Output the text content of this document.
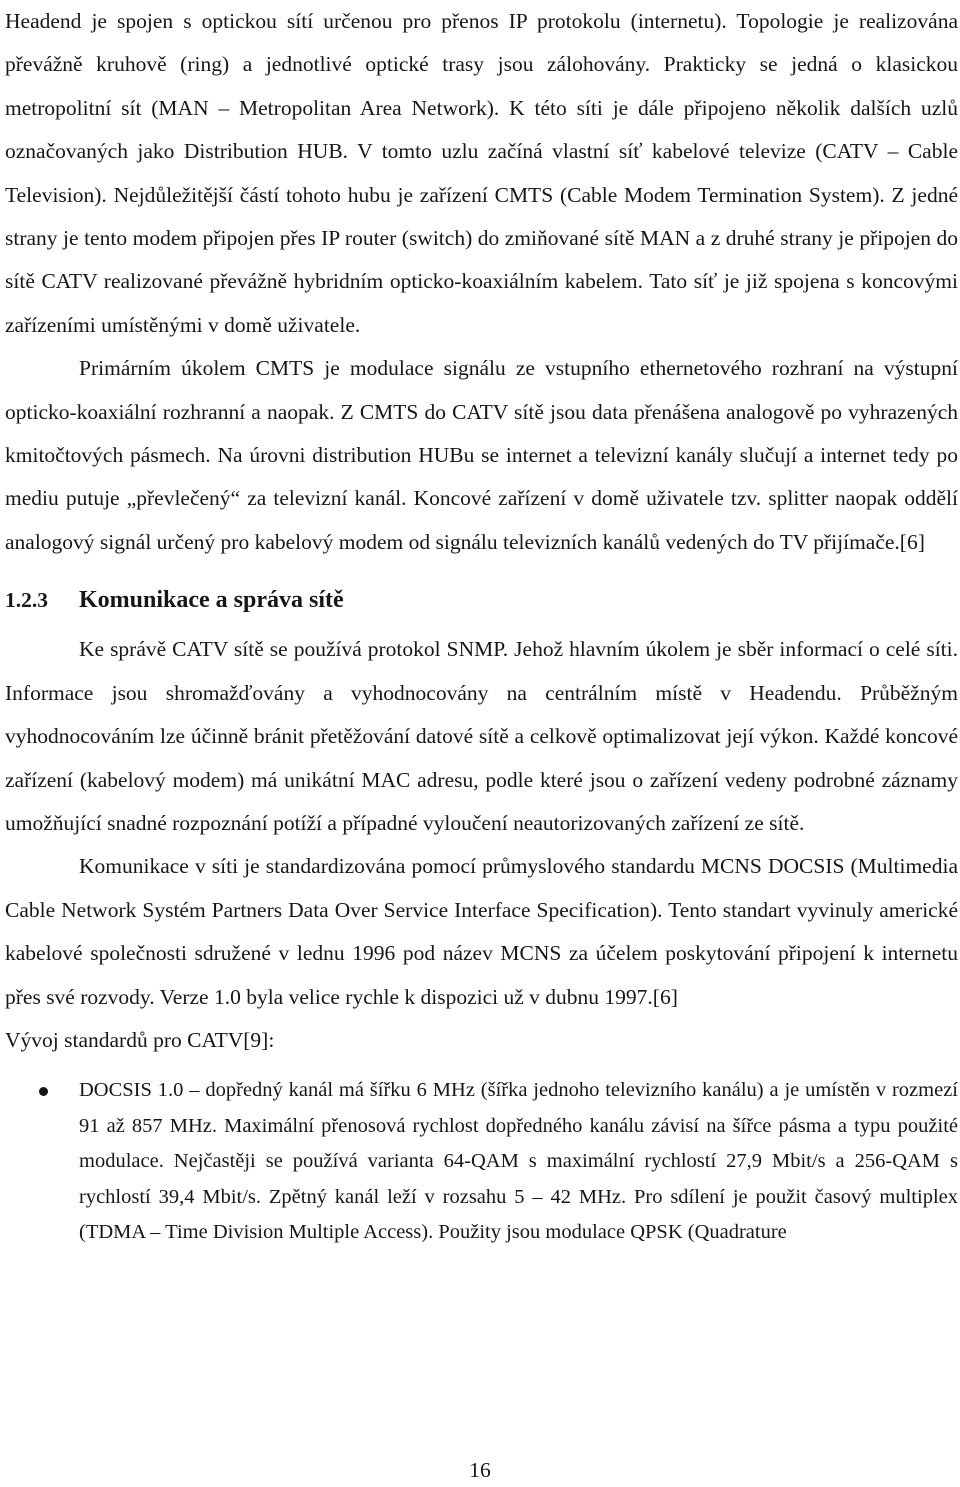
Headend je spojen s optickou sítí určenou pro přenos IP protokolu (internetu). Topologie je realizována převážně kruhově (ring) a jednotlivé optické trasy jsou zálohovány. Prakticky se jedná o klasickou metropolitní sít (MAN – Metropolitan Area Network). K této síti je dále připojeno několik dalších uzlů označovaných jako Distribution HUB. V tomto uzlu začíná vlastní síť kabelové televize (CATV – Cable Television). Nejdůležitější částí tohoto hubu je zařízení CMTS (Cable Modem Termination System). Z jedné strany je tento modem připojen přes IP router (switch) do zmiňované sítě MAN a z druhé strany je připojen do sítě CATV realizované převážně hybridním opticko-koaxiálním kabelem. Tato síť je již spojena s koncovými zařízeními umístěnými v domě uživatele.

Primárním úkolem CMTS je modulace signálu ze vstupního ethernetového rozhraní na výstupní opticko-koaxiální rozhranní a naopak. Z CMTS do CATV sítě jsou data přenášena analogově po vyhrazených kmitočtových pásmech. Na úrovni distribution HUBu se internet a televizní kanály slučují a internet tedy po mediu putuje „převlečený“ za televizní kanál. Koncové zařízení v domě uživatele tzv. splitter naopak oddělí analogový signál určený pro kabelový modem od signálu televizních kanálů vedených do TV přijímače.[6]

1.2.3 Komunikace a správa sítě

Ke správě CATV sítě se používá protokol SNMP. Jehož hlavním úkolem je sběr informací o celé síti. Informace jsou shromažďovány a vyhodnocovány na centrálním místě v Headendu. Průběžným vyhodnocováním lze účinně bránit přetěžování datové sítě a celkově optimalizovat její výkon. Každé koncové zařízení (kabelový modem) má unikátní MAC adresu, podle které jsou o zařízení vedeny podrobné záznamy umožňující snadné rozpoznání potíží a případné vyloučení neautorizovaných zařízení ze sítě.

Komunikace v síti je standardizována pomocí průmyslového standardu MCNS DOCSIS (Multimedia Cable Network Systém Partners Data Over Service Interface Specification). Tento standart vyvinuly americké kabelové společnosti sdružené v lednu 1996 pod název MCNS za účelem poskytování připojení k internetu přes své rozvody. Verze 1.0 byla velice rychle k dispozici už v dubnu 1997.[6]

Vývoj standardů pro CATV[9]:

DOCSIS 1.0 – dopředný kanál má šířku 6 MHz (šířka jednoho televizního kanálu) a je umístěn v rozmezí 91 až 857 MHz. Maximální přenosová rychlost dopředného kanálu závisí na šířce pásma a typu použité modulace. Nejčastěji se používá varianta 64-QAM s maximální rychlostí 27,9 Mbit/s a 256-QAM s rychlostí 39,4 Mbit/s. Zpětný kanál leží v rozsahu 5 – 42 MHz. Pro sdílení je použit časový multiplex (TDMA – Time Division Multiple Access). Použity jsou modulace QPSK (Quadrature
16
